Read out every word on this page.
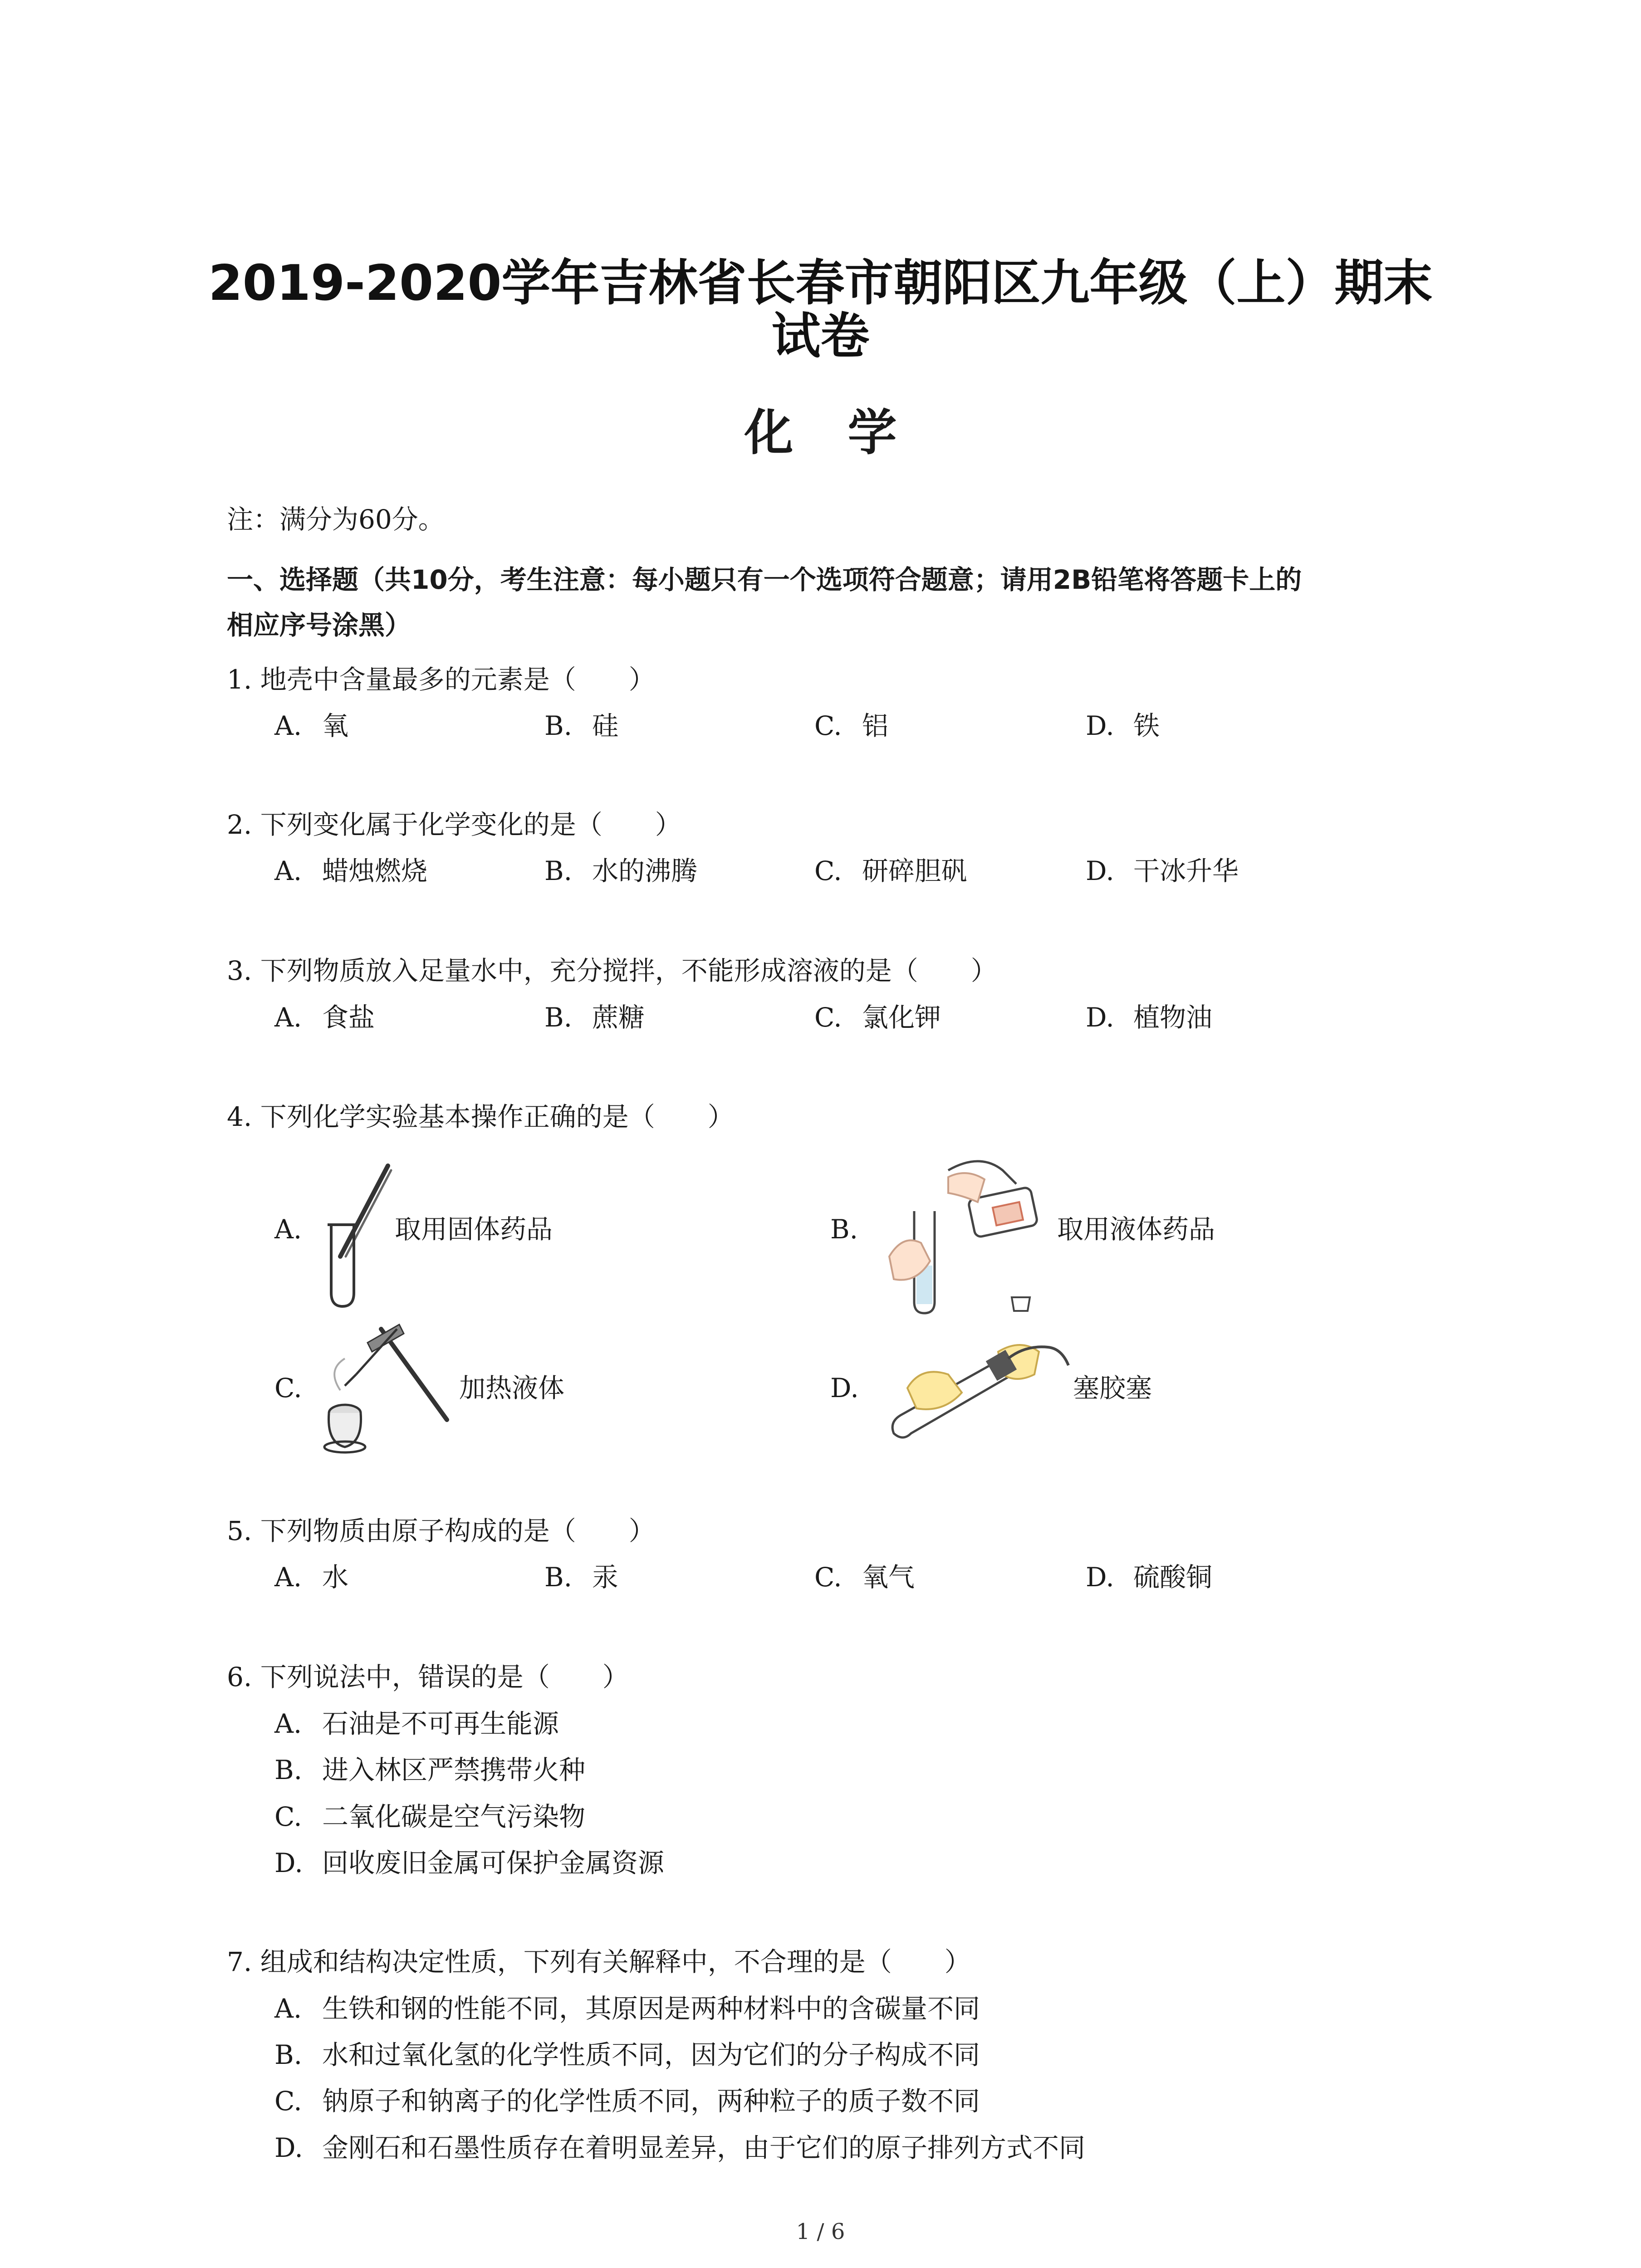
2019-2020学年吉林省长春市朝阳区九年级（上）期末
试卷
化学
注：满分为60分。
一、选择题（共10分，考生注意：每小题只有一个选项符合题意；请用2B铅笔将答题卡上的
相应序号涂黑）
1. 地壳中含量最多的元素是（　　）
A. 氧	B. 硅	C. 铝	D. 铁
2. 下列变化属于化学变化的是（　　）
A. 蜡烛燃烧	B. 水的沸腾	C. 研碎胆矾	D. 干冰升华
3. 下列物质放入足量水中，充分搅拌，不能形成溶液的是（　　）
A. 食盐	B. 蔗糖	C. 氯化钾	D. 植物油
4. 下列化学实验基本操作正确的是（　　）
A.	取用固体药品	B.	取用液体药品
C.	加热液体	D.	塞胶塞
5. 下列物质由原子构成的是（　　）
A. 水	B. 汞	C. 氧气	D. 硫酸铜
6. 下列说法中，错误的是（　　）
A. 石油是不可再生能源
B. 进入林区严禁携带火种
C. 二氧化碳是空气污染物
D. 回收废旧金属可保护金属资源
7. 组成和结构决定性质，下列有关解释中，不合理的是（　　）
A. 生铁和钢的性能不同，其原因是两种材料中的含碳量不同
B. 水和过氧化氢的化学性质不同，因为它们的分子构成不同
C. 钠原子和钠离子的化学性质不同，两种粒子的质子数不同
D. 金刚石和石墨性质存在着明显差异，由于它们的原子排列方式不同
1 / 6
